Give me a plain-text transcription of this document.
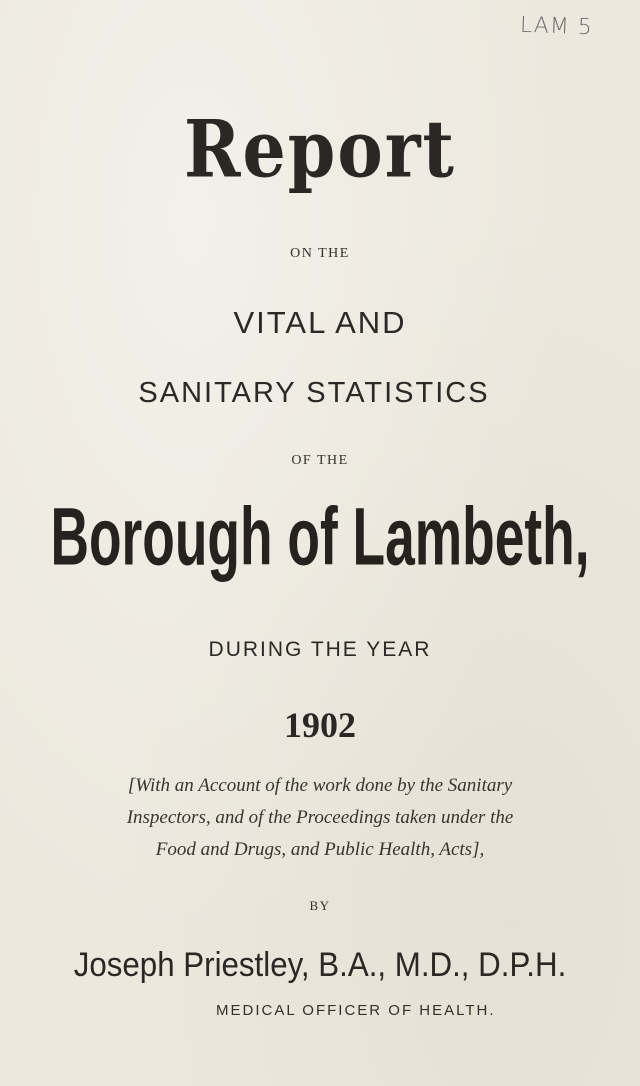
LAM 5
Report
ON THE
VITAL AND
SANITARY STATISTICS
OF THE
Borough of Lambeth,
DURING THE YEAR
1902
[With an Account of the work done by the Sanitary
Inspectors, and of the Proceedings taken under the
Food and Drugs, and Public Health, Acts],
BY
Joseph Priestley, B.A., M.D., D.P.H.
MEDICAL OFFICER OF HEALTH.
